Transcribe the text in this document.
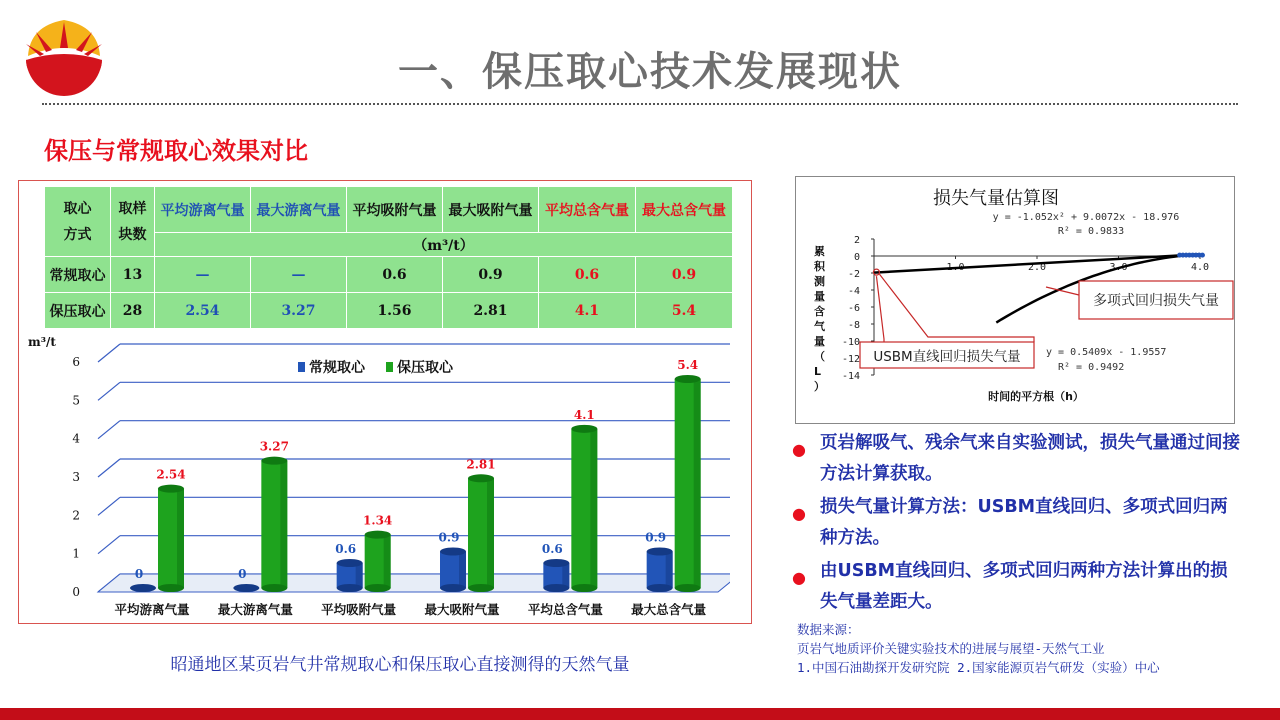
一、保压取心技术发展现状
保压与常规取心效果对比
取心
方式	取样
块数	平均游离气量	最大游离气量	平均吸附气量	最大吸附气量	平均总含气量	最大总含气量
		（m³/t）					
常规取心	13	—	—	0.6	0.9	0.6	0.9
保压取心	28	2.54	3.27	1.56	2.81	4.1	5.4
m³/t
0
1
2
3
4
5
6	常规取心 保压取心
0
2.54
平均游离气量
0
3.27
最大游离气量
0.6
1.34
平均吸附气量
0.9
2.81
最大吸附气量
0.6
4.1
平均总含气量
0.9
5.4
最大总含气量
昭通地区某页岩气井常规取心和保压取心直接测得的天然气量
损失气量估算图
y = -1.052x² + 9.0072x - 18.976
R² = 0.9833
累积测量含气量（ L ）
2
0
-2
-4
-6
-8
-10
-12
-14
2.0	3.0	4.0
时间的平方根（h）
多项式回归损失气量
USBM直线回归损失气量	y = 0.5409x - 1.9557
R² = 0.9492
● 页岩解吸气、残余气来自实验测试，损失气量通过间接方法计算获取。
● 损失气量计算方法：USBM直线回归、多项式回归两种方法。
● 由USBM直线回归、多项式回归两种方法计算出的损失气量差距大。
数据来源：
页岩气地质评价关键实验技术的进展与展望-天然气工业
1.中国石油勘探开发研究院 2.国家能源页岩气研发（实验）中心
